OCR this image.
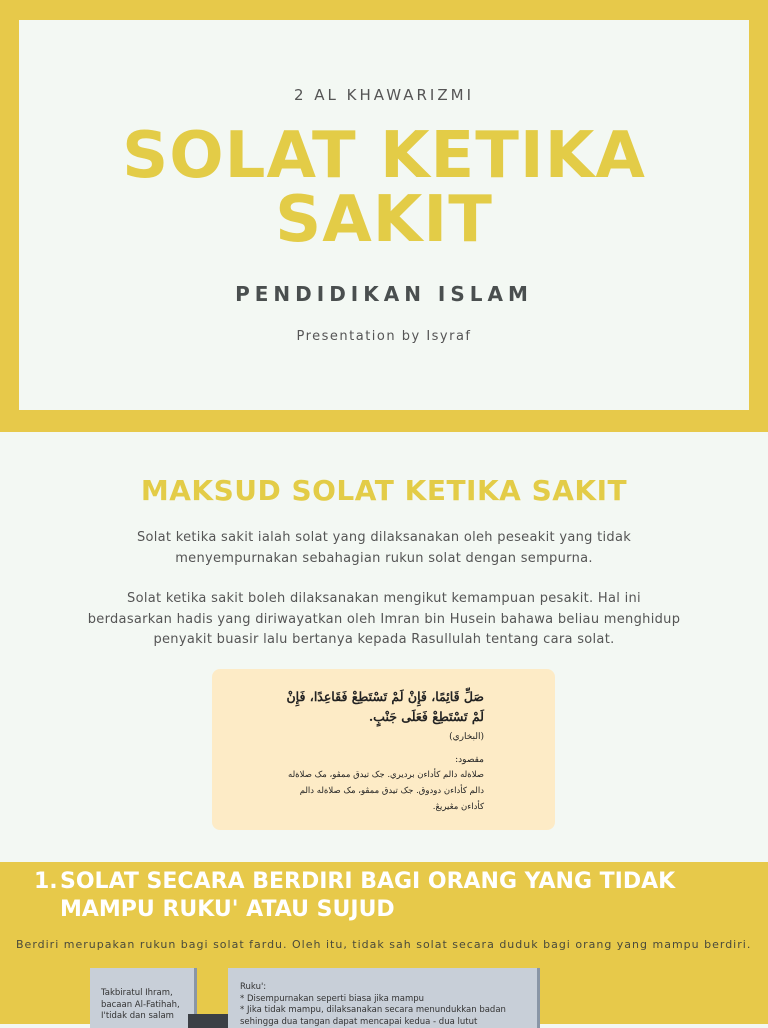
2 AL KHAWARIZMI
SOLAT KETIKA
SAKIT
PENDIDIKAN ISLAM
Presentation by Isyraf
MAKSUD SOLAT KETIKA SAKIT
Solat ketika sakit ialah solat yang dilaksanakan oleh peseakit yang tidak menyempurnakan sebahagian rukun solat dengan sempurna.
Solat ketika sakit boleh dilaksanakan mengikut kemampuan pesakit. Hal ini berdasarkan hadis yang diriwayatkan oleh Imran bin Husein bahawa beliau menghidup penyakit buasir lalu bertanya kepada Rasullulah tentang cara solat.
صَلِّ قَائِمًا، فَإِنْ لَمْ تَسْتَطِعْ فَقَاعِدًا، فَإِنْ لَمْ تَسْتَطِعْ فَعَلَى جَنْبٍ.
(البخاري)
مقصود:
صلاةله دالم كأداءن برديري. جک تيدق ممڤو، مک صلاةله دالم كأداءن دودوق. جک تيدق ممڤو، مک صلاةله دالم كأداءن مڠيريڠ.
1. SOLAT SECARA BERDIRI BAGI ORANG YANG TIDAK MAMPU RUKU' ATAU SUJUD
Berdiri merupakan rukun bagi solat fardu. Oleh itu, tidak sah solat secara duduk bagi orang yang mampu berdiri.
Takbiratul Ihram, bacaan Al-Fatihah, I'tidak dan salam
Ruku':
* Disempurnakan seperti biasa jika mampu
* Jika tidak mampu, dilaksanakan secara menundukkan badan sehingga dua tangan dapat mencapai kedua - dua lutut
